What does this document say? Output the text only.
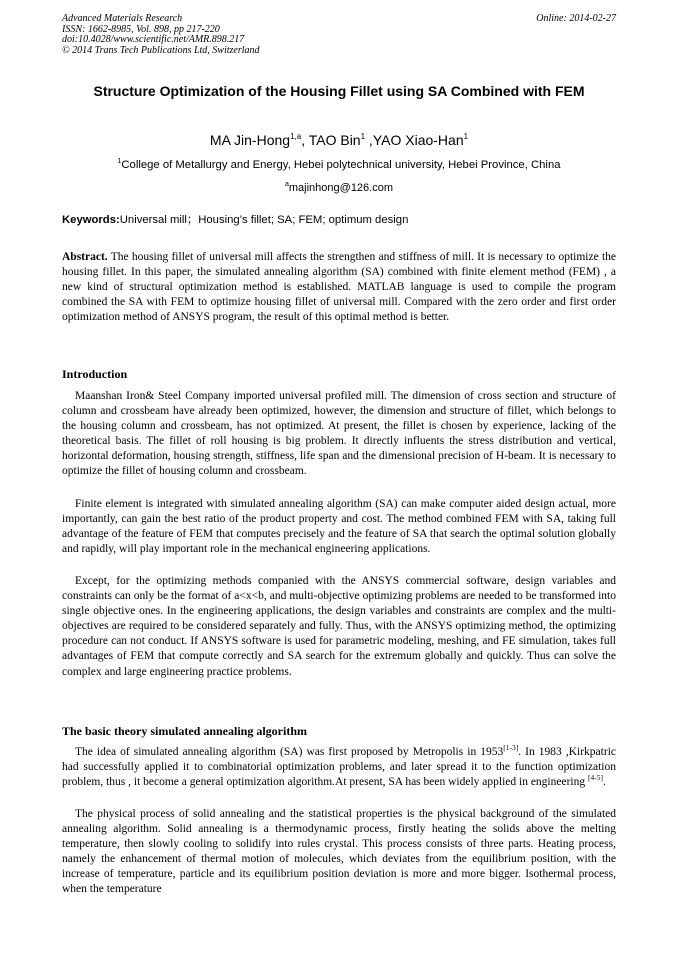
Advanced Materials Research
ISSN: 1662-8985, Vol. 898, pp 217-220
doi:10.4028/www.scientific.net/AMR.898.217
© 2014 Trans Tech Publications Ltd, Switzerland
Online: 2014-02-27
Structure Optimization of the Housing Fillet using SA Combined with FEM
MA Jin-Hong$^{1,a}$, TAO Bin$^1$ ,YAO Xiao-Han$^1$
$^1$College of Metallurgy and Energy, Hebei polytechnical university, Hebei Province, China
$^a$majinhong@126.com
Keywords:Universal mill；Housing’s fillet; SA; FEM; optimum design
Abstract. The housing fillet of universal mill affects the strengthen and stiffness of mill. It is necessary to optimize the housing fillet. In this paper, the simulated annealing algorithm (SA) combined with finite element method (FEM) , a new kind of structural optimization method is established. MATLAB language is used to compile the program combined the SA with FEM to optimize housing fillet of universal mill. Compared with the zero order and first order optimization method of ANSYS program, the result of this optimal method is better.
Introduction
Maanshan Iron& Steel Company imported universal profiled mill. The dimension of cross section and structure of column and crossbeam have already been optimized, however, the dimension and structure of fillet, which belongs to the housing column and crossbeam, has not optimized. At present, the fillet is chosen by experience, lacking of the theoretical basis. The fillet of roll housing is big problem. It directly influents the stress distribution and vertical, horizontal deformation, housing strength, stiffness, life span and the dimensional precision of H-beam. It is necessary to optimize the fillet of housing column and crossbeam.
Finite element is integrated with simulated annealing algorithm (SA) can make computer aided design actual, more importantly, can gain the best ratio of the product property and cost. The method combined FEM with SA, taking full advantage of the feature of FEM that computes precisely and the feature of SA that search the optimal solution globally and rapidly, will play important role in the mechanical engineering applications.
Except, for the optimizing methods companied with the ANSYS commercial software, design variables and constraints can only be the format of a<x<b, and multi-objective optimizing problems are needed to be transformed into single objective ones. In the engineering applications, the design variables and constraints are complex and the multi-objectives are required to be considered separately and fully. Thus, with the ANSYS optimizing method, the optimizing procedure can not conduct. If ANSYS software is used for parametric modeling, meshing, and FE simulation, takes full advantages of FEM that compute correctly and SA search for the extremum globally and quickly. Thus can solve the complex and large engineering practice problems.
The basic theory simulated annealing algorithm
The idea of simulated annealing algorithm (SA) was first proposed by Metropolis in 1953[1-3]. In 1983 ,Kirkpatric had successfully applied it to combinatorial optimization problems, and later spread it to the function optimization problem, thus , it become a general optimization algorithm.At present, SA has been widely applied in engineering [4-5].
The physical process of solid annealing and the statistical properties is the physical background of the simulated annealing algorithm. Solid annealing is a thermodynamic process, firstly heating the solids above the melting temperature, then slowly cooling to solidify into rules crystal. This process consists of three parts. Heating process, namely the enhancement of thermal motion of molecules, which deviates from the equilibrium position, with the increase of temperature, particle and its equilibrium position deviation is more and more bigger. Isothermal process, when the temperature
